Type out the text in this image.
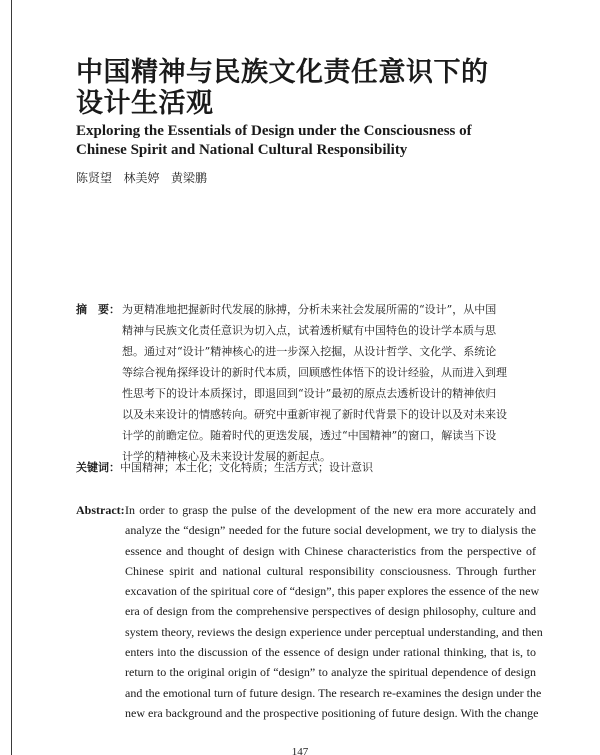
中国精神与民族文化责任意识下的
设计生活观
Exploring the Essentials of Design under the Consciousness of
Chinese Spirit and National Cultural Responsibility
陈贤望 林美婷 黄梁鹏
摘　要： 为更精准地把握新时代发展的脉搏，分析未来社会发展所需的“设计”，从中国
精神与民族文化责任意识为切入点，试着透析赋有中国特色的设计学本质与思
想。通过对“设计”精神核心的进一步深入挖掘，从设计哲学、文化学、系统论
等综合视角探绎设计的新时代本质，回顾感性体悟下的设计经验，从而进入到理
性思考下的设计本质探讨，即退回到“设计”最初的原点去透析设计的精神依归
以及未来设计的情感转向。研究中重新审视了新时代背景下的设计以及对未来设
计学的前瞻定位。随着时代的更迭发展，透过“中国精神”的窗口，解读当下设
计学的精神核心及未来设计发展的新起点。
关键词：中国精神；本土化；文化特质；生活方式；设计意识
Abstract: In order to grasp the pulse of the development of the new era more accurately and
analyze the “design” needed for the future social development, we try to dialysis the
essence and thought of design with Chinese characteristics from the perspective of
Chinese spirit and national cultural responsibility consciousness. Through further
excavation of the spiritual core of “design”, this paper explores the essence of the new
era of design from the comprehensive perspectives of design philosophy, culture and
system theory, reviews the design experience under perceptual understanding, and then
enters into the discussion of the essence of design under rational thinking, that is, to
return to the original origin of “design” to analyze the spiritual dependence of design
and the emotional turn of future design. The research re-examines the design under the
new era background and the prospective positioning of future design. With the change
147
